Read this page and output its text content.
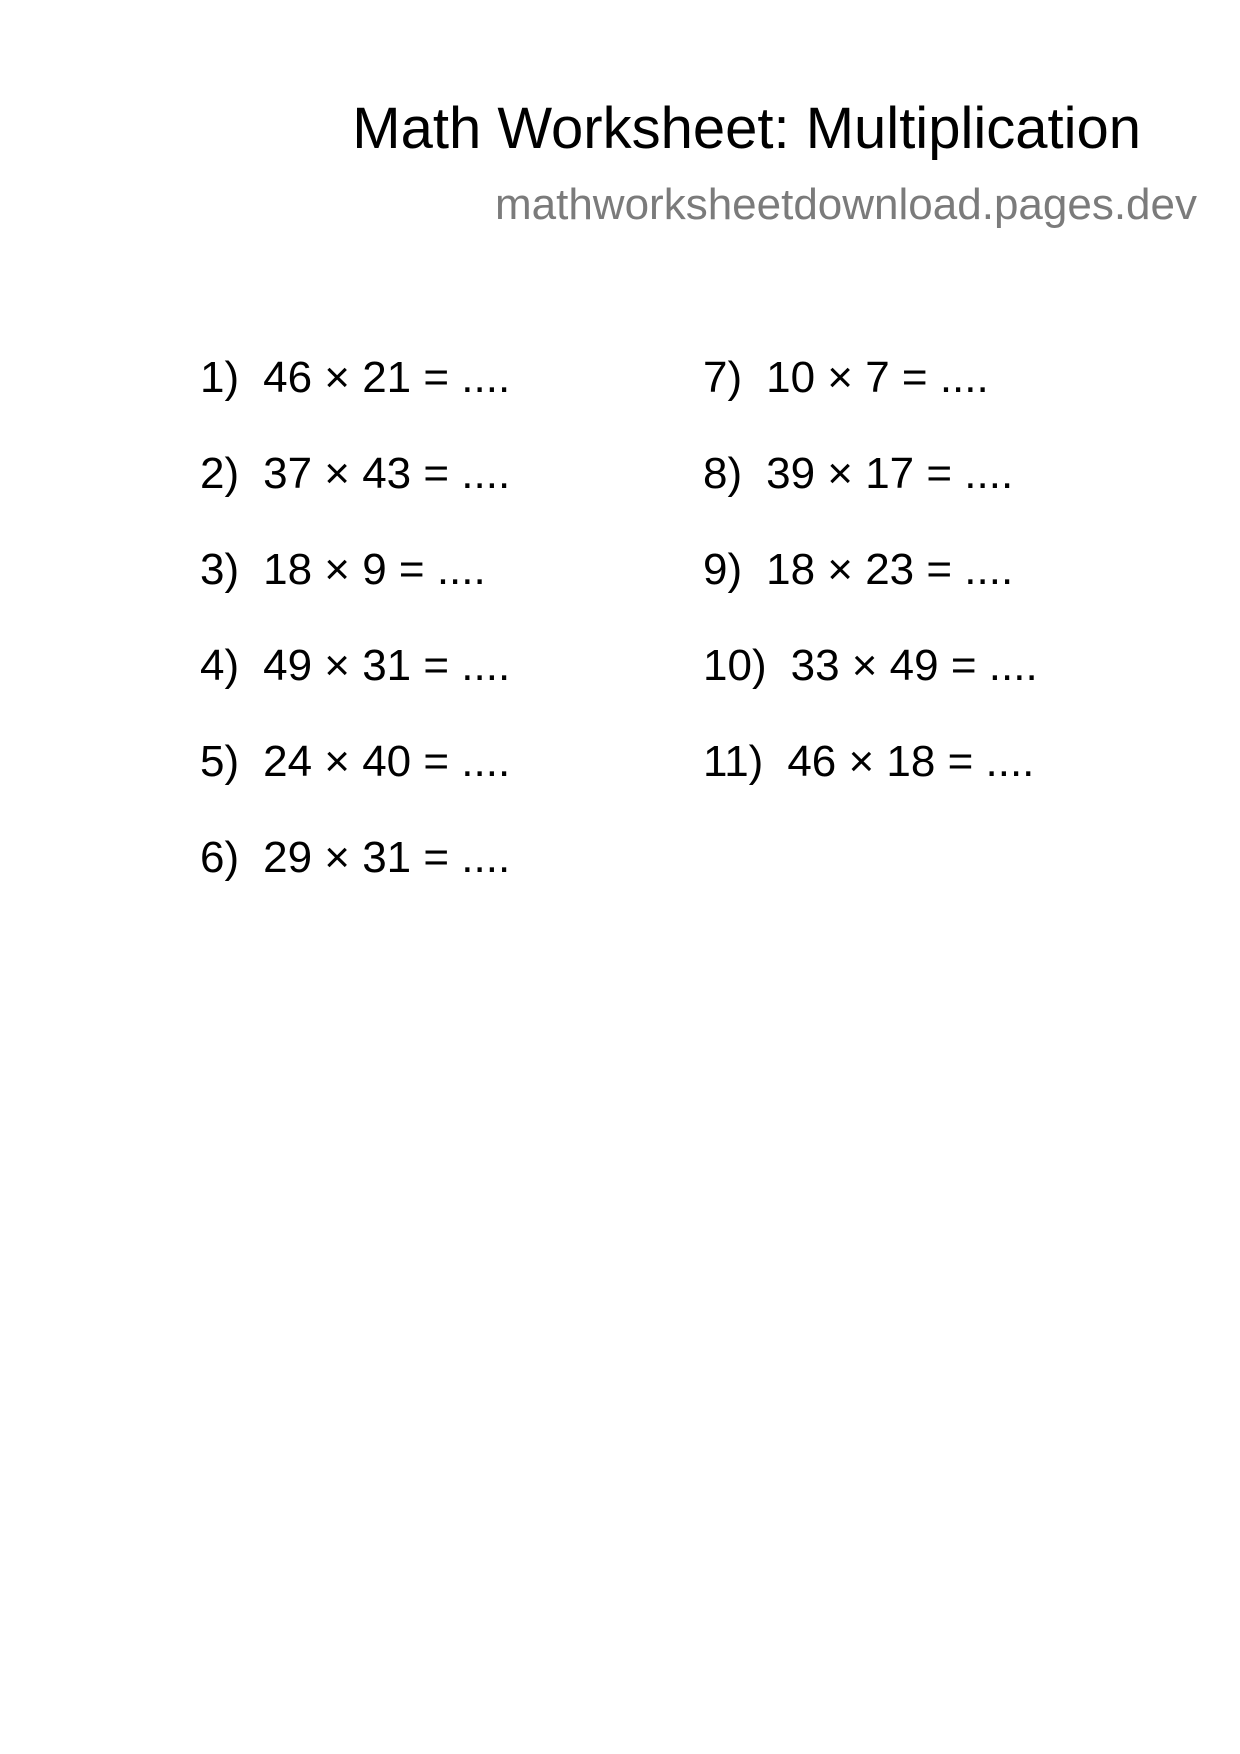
Math Worksheet: Multiplication
mathworksheetdownload.pages.dev
1) 46 × 21 = ....
2) 37 × 43 = ....
3) 18 × 9 = ....
4) 49 × 31 = ....
5) 24 × 40 = ....
6) 29 × 31 = ....
7) 10 × 7 = ....
8) 39 × 17 = ....
9) 18 × 23 = ....
10) 33 × 49 = ....
11) 46 × 18 = ....
